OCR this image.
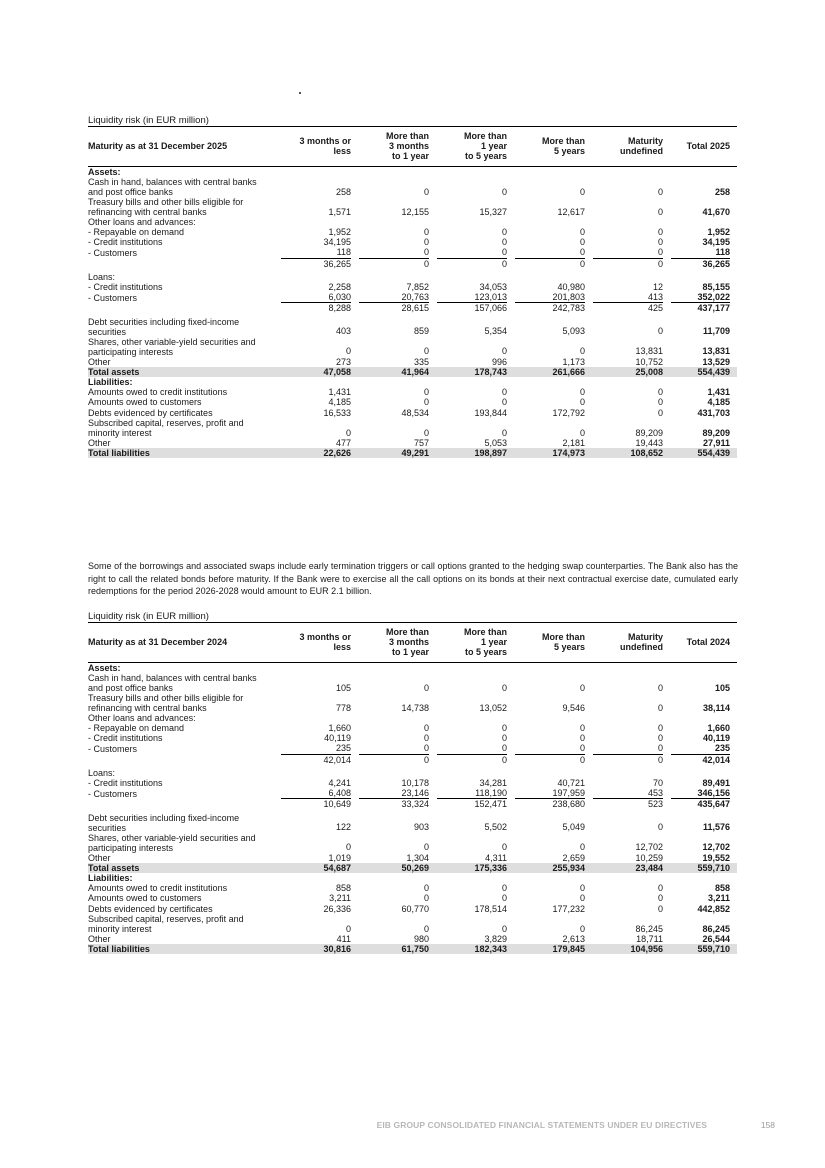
Liquidity risk (in EUR million)
Maturity as at 31 December 2025	3 months or
less	More than
3 months
to 1 year	More than
1 year
to 5 years	More than
5 years	Maturity
undefined	Total 2025
Assets:	

Cash in hand, balances with central banks and post office banks	258	0	0	0	0	258

Treasury bills and other bills eligible for refinancing with central banks	1,571	12,155	15,327	12,617	0	41,670

Other loans and advances:	

- Repayable on demand	1,952	0	0	0	0	1,952

- Credit institutions	34,195	0	0	0	0	34,195

- Customers	118	0	0	0	0	118

	36,265	0	0	0	0	36,265

Loans:	

- Credit institutions	2,258	7,852	34,053	40,980	12	85,155

- Customers	6,030	20,763	123,013	201,803	413	352,022

	8,288	28,615	157,066	242,783	425	437,177

Debt securities including fixed-income securities	403	859	5,354	5,093	0	11,709

Shares, other variable-yield securities and participating interests	0	0	0	0	13,831	13,831

Other	273	335	996	1,173	10,752	13,529

Total assets	47,058	41,964	178,743	261,666	25,008	554,439

Liabilities:	

Amounts owed to credit institutions	1,431	0	0	0	0	1,431

Amounts owed to customers	4,185	0	0	0	0	4,185

Debts evidenced by certificates	16,533	48,534	193,844	172,792	0	431,703

Subscribed capital, reserves, profit and minority interest	0	0	0	0	89,209	89,209

Other	477	757	5,053	2,181	19,443	27,911

Total liabilities	22,626	49,291	198,897	174,973	108,652	554,439
Some of the borrowings and associated swaps include early termination triggers or call options granted to the hedging swap counterparties. The Bank also has the right to call the related bonds before maturity. If the Bank were to exercise all the call options on its bonds at their next contractual exercise date, cumulated early redemptions for the period 2026-2028 would amount to EUR 2.1 billion.
Liquidity risk (in EUR million)
Maturity as at 31 December 2024	3 months or
less	More than
3 months
to 1 year	More than
1 year
to 5 years	More than
5 years	Maturity
undefined	Total 2024
Assets:	

Cash in hand, balances with central banks and post office banks	105	0	0	0	0	105

Treasury bills and other bills eligible for refinancing with central banks	778	14,738	13,052	9,546	0	38,114

Other loans and advances:	

- Repayable on demand	1,660	0	0	0	0	1,660

- Credit institutions	40,119	0	0	0	0	40,119

- Customers	235	0	0	0	0	235

	42,014	0	0	0	0	42,014

Loans:	

- Credit institutions	4,241	10,178	34,281	40,721	70	89,491

- Customers	6,408	23,146	118,190	197,959	453	346,156

	10,649	33,324	152,471	238,680	523	435,647

Debt securities including fixed-income securities	122	903	5,502	5,049	0	11,576

Shares, other variable-yield securities and participating interests	0	0	0	0	12,702	12,702

Other	1,019	1,304	4,311	2,659	10,259	19,552

Total assets	54,687	50,269	175,336	255,934	23,484	559,710

Liabilities:	

Amounts owed to credit institutions	858	0	0	0	0	858

Amounts owed to customers	3,211	0	0	0	0	3,211

Debts evidenced by certificates	26,336	60,770	178,514	177,232	0	442,852

Subscribed capital, reserves, profit and minority interest	0	0	0	0	86,245	86,245

Other	411	980	3,829	2,613	18,711	26,544

Total liabilities	30,816	61,750	182,343	179,845	104,956	559,710
EIB GROUP CONSOLIDATED FINANCIAL STATEMENTS UNDER EU DIRECTIVES	158
